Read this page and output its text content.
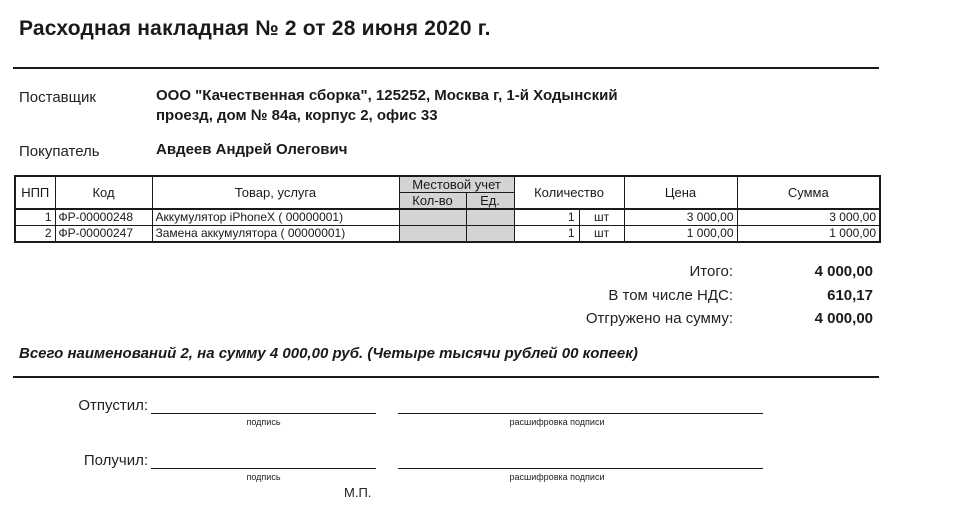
Расходная накладная № 2 от 28 июня 2020 г.
Поставщик	ООО "Качественная сборка", 125252, Москва г, 1-й Ходынский
проезд, дом № 84а, корпус 2, офис 33
Покупатель	Авдеев Андрей Олегович
НПП	Код	Товар, услуга	Местовой учет		Количество	Цена	Сумма
			Кол-во	Ед.			
1	ФР-00000248	Аккумулятор iPhoneX ( 00000001)			1 шт	3 000,00	3 000,00
2	ФР-00000247	Замена аккумулятора ( 00000001)			1 шт	1 000,00	1 000,00
Итого:	4 000,00
В том числе НДС:	610,17
Отгружено на сумму:	4 000,00
Всего наименований 2, на сумму 4 000,00 руб. (Четыре тысячи рублей 00 копеек)
Отпустил:
подпись	расшифровка подписи
Получил:
подпись	расшифровка подписи
М.П.
